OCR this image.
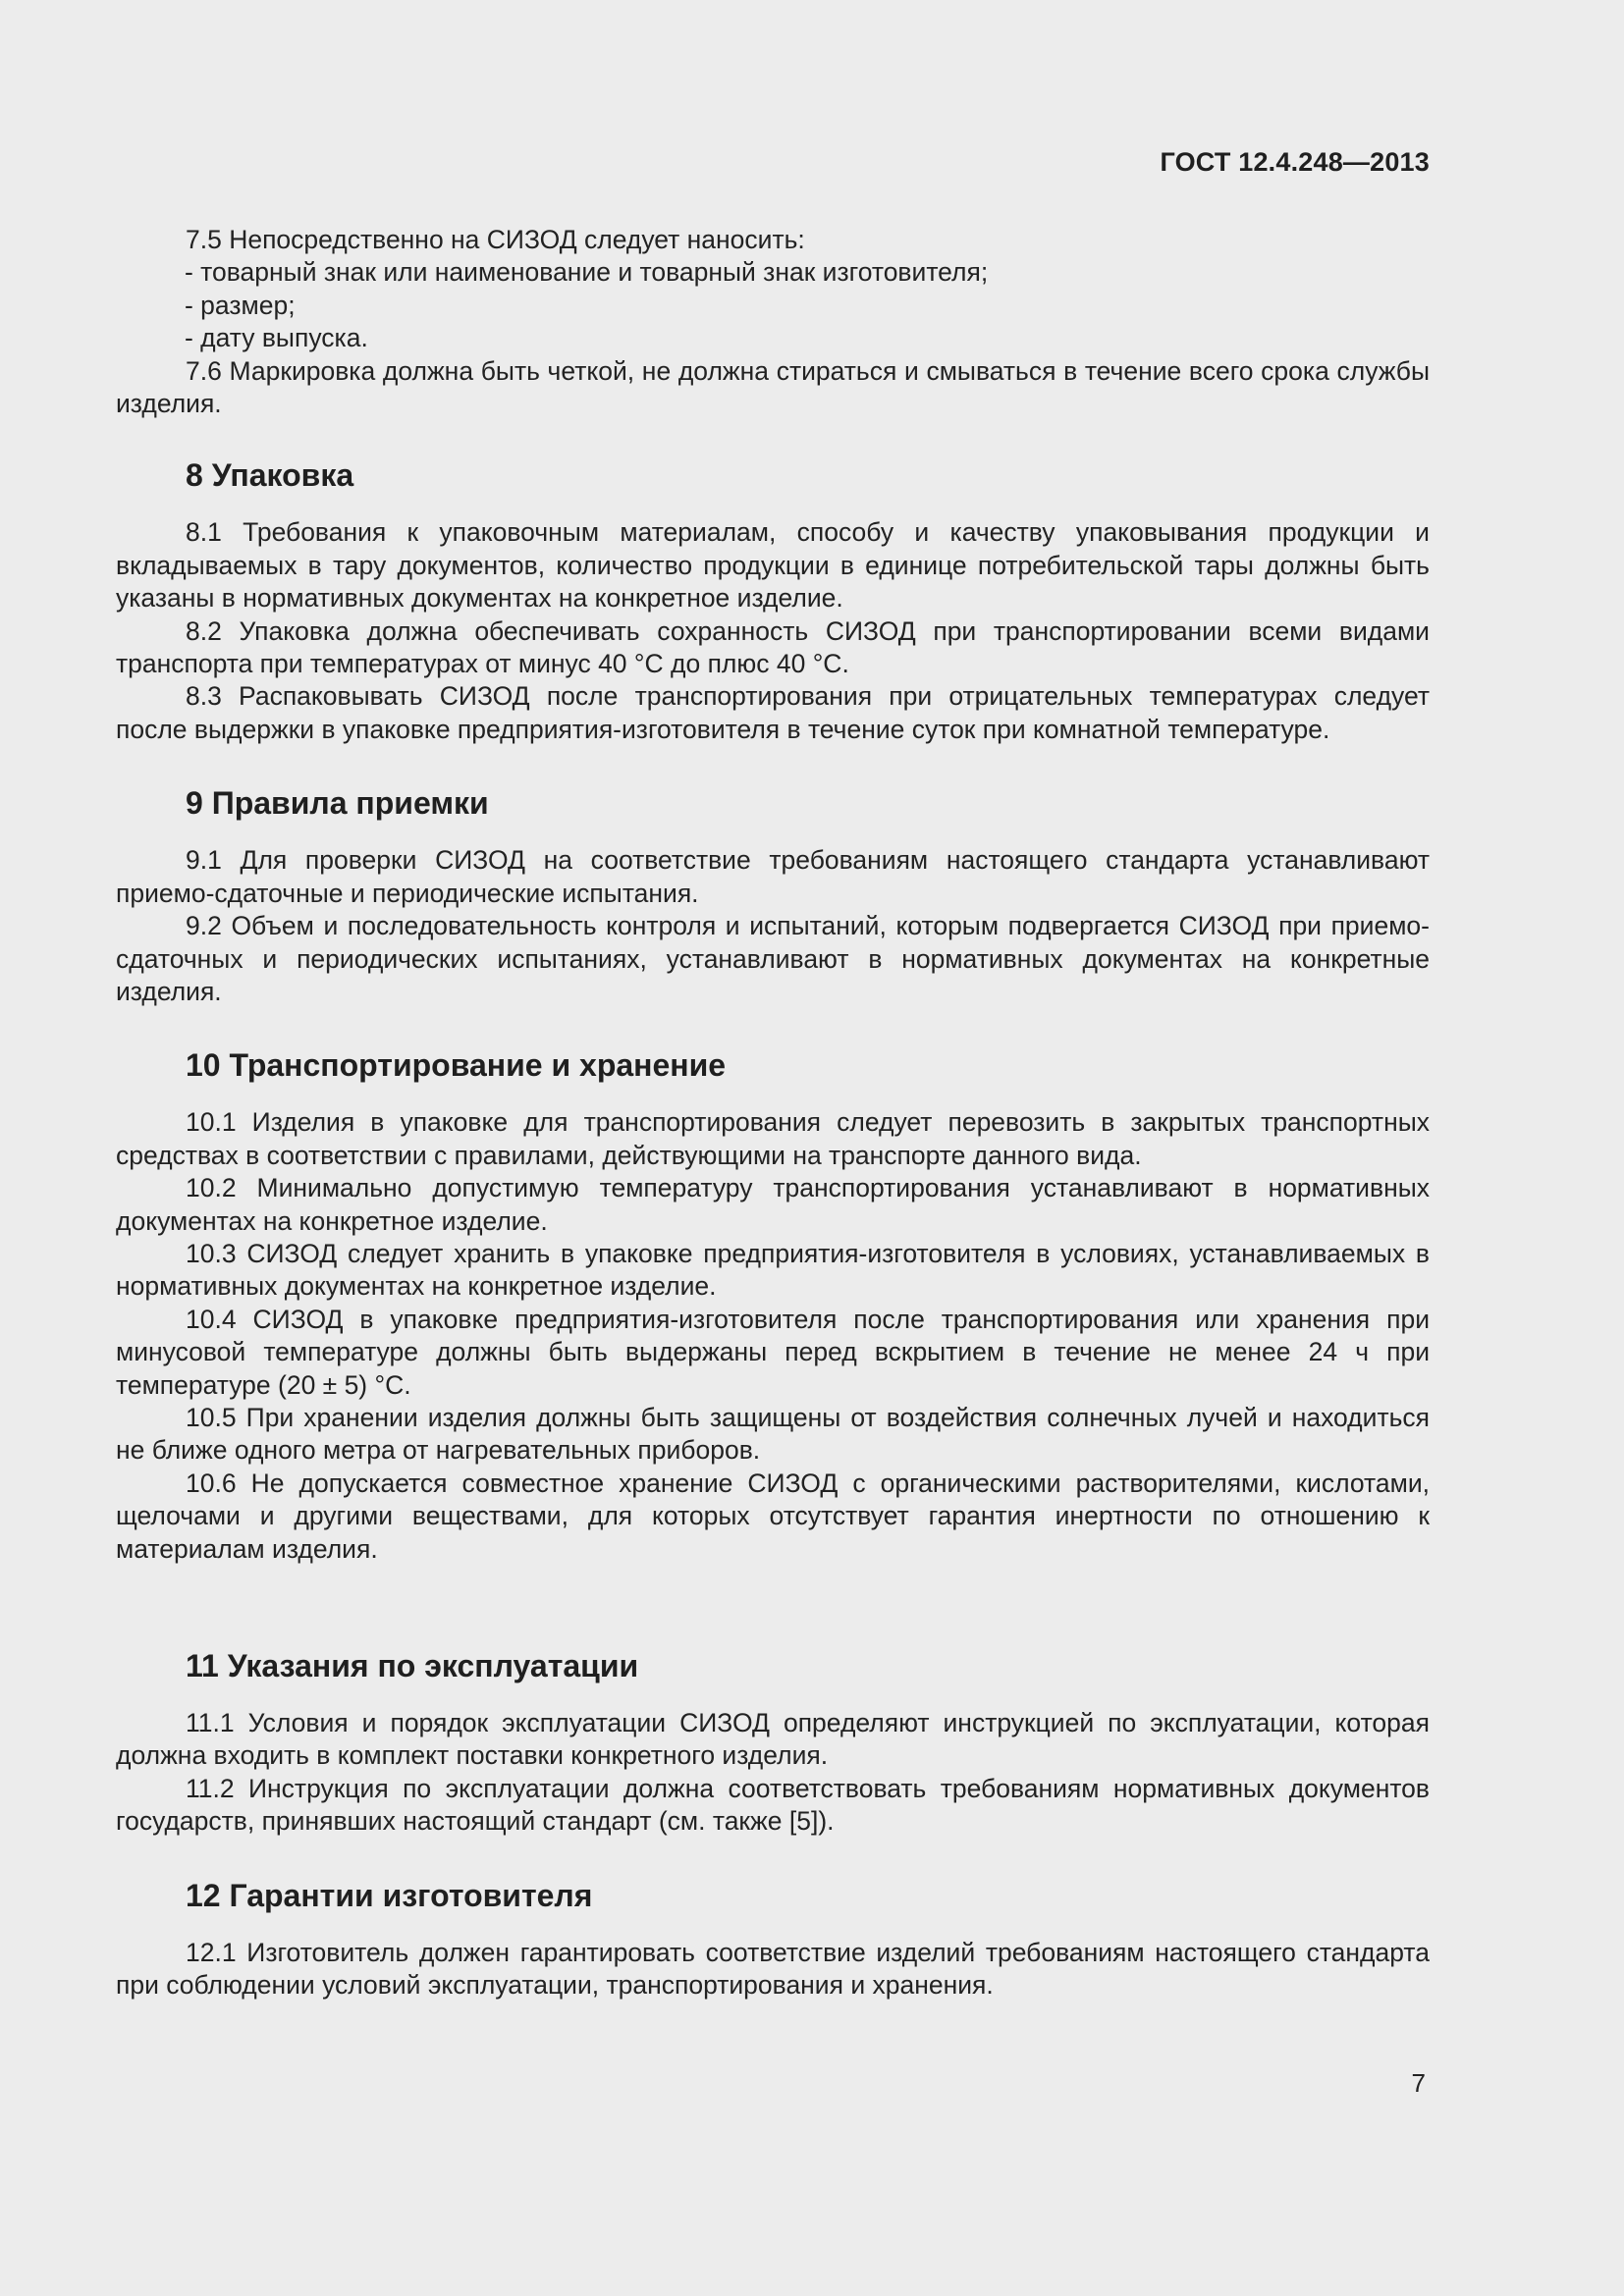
ГОСТ 12.4.248—2013

7.5 Непосредственно на СИЗОД следует наносить:

- товарный знак или наименование и товарный знак изготовителя;

- размер;

- дату выпуска.

7.6 Маркировка должна быть четкой, не должна стираться и смываться в течение всего срока службы изделия.

8 Упаковка

8.1 Требования к упаковочным материалам, способу и качеству упаковывания продукции и вкладываемых в тару документов, количество продукции в единице потребительской тары должны быть указаны в нормативных документах на конкретное изделие.

8.2 Упаковка должна обеспечивать сохранность СИЗОД при транспортировании всеми видами транспорта при температурах от минус 40 °С до плюс 40 °С.

8.3 Распаковывать СИЗОД после транспортирования при отрицательных температурах следует после выдержки в упаковке предприятия-изготовителя в течение суток при комнатной температуре.

9 Правила приемки

9.1 Для проверки СИЗОД на соответствие требованиям настоящего стандарта устанавливают приемо-сдаточные и периодические испытания.

9.2 Объем и последовательность контроля и испытаний, которым подвергается СИЗОД при приемо-сдаточных и периодических испытаниях, устанавливают в нормативных документах на конкретные изделия.

10 Транспортирование и хранение

10.1 Изделия в упаковке для транспортирования следует перевозить в закрытых транспортных средствах в соответствии с правилами, действующими на транспорте данного вида.

10.2 Минимально допустимую температуру транспортирования устанавливают в нормативных документах на конкретное изделие.

10.3 СИЗОД следует хранить в упаковке предприятия-изготовителя в условиях, устанавливаемых в нормативных документах на конкретное изделие.

10.4 СИЗОД в упаковке предприятия-изготовителя после транспортирования или хранения при минусовой температуре должны быть выдержаны перед вскрытием в течение не менее 24 ч при температуре (20 ± 5) °С.

10.5 При хранении изделия должны быть защищены от воздействия солнечных лучей и находиться не ближе одного метра от нагревательных приборов.

10.6 Не допускается совместное хранение СИЗОД с органическими растворителями, кислотами, щелочами и другими веществами, для которых отсутствует гарантия инертности по отношению к материалам изделия.

11 Указания по эксплуатации

11.1 Условия и порядок эксплуатации СИЗОД определяют инструкцией по эксплуатации, которая должна входить в комплект поставки конкретного изделия.

11.2 Инструкция по эксплуатации должна соответствовать требованиям нормативных документов государств, принявших настоящий стандарт (см. также [5]).

12 Гарантии изготовителя

12.1 Изготовитель должен гарантировать соответствие изделий требованиям настоящего стандарта при соблюдении условий эксплуатации, транспортирования и хранения.

7
